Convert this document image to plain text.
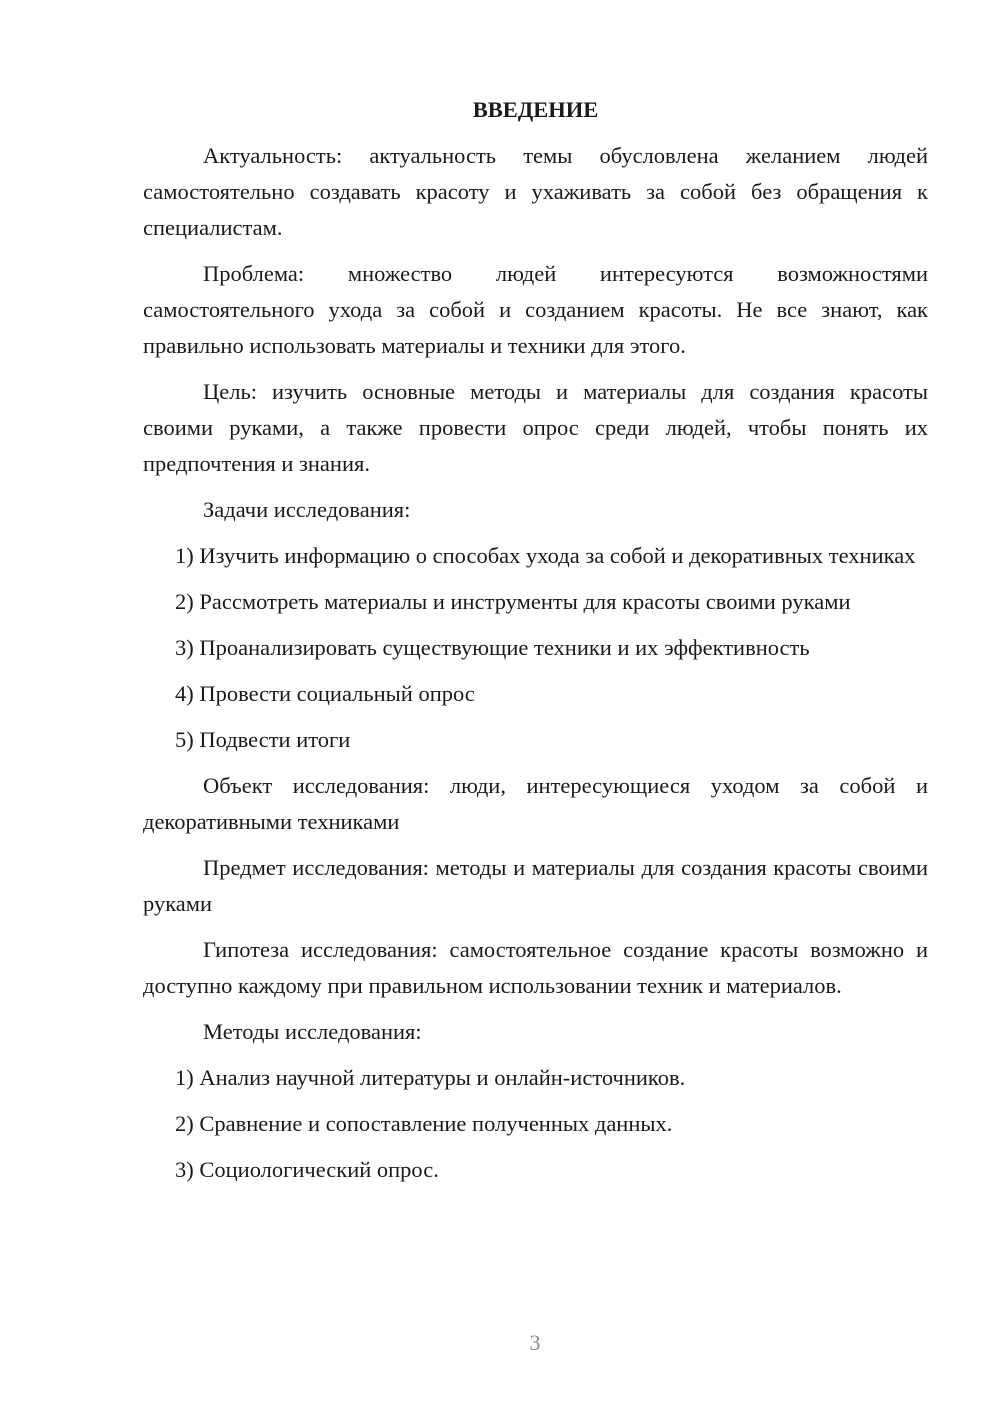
ВВЕДЕНИЕ

Актуальность: актуальность темы обусловлена желанием людей самостоятельно создавать красоту и ухаживать за собой без обращения к специалистам.

Проблема: множество людей интересуются возможностями самостоятельного ухода за собой и созданием красоты. Не все знают, как правильно использовать материалы и техники для этого.

Цель: изучить основные методы и материалы для создания красоты своими руками, а также провести опрос среди людей, чтобы понять их предпочтения и знания.

Задачи исследования:

1) Изучить информацию о способах ухода за собой и декоративных техниках

2) Рассмотреть материалы и инструменты для красоты своими руками

3) Проанализировать существующие техники и их эффективность

4) Провести социальный опрос

5) Подвести итоги

Объект исследования: люди, интересующиеся уходом за собой и декоративными техниками

Предмет исследования: методы и материалы для создания красоты своими руками

Гипотеза исследования: самостоятельное создание красоты возможно и доступно каждому при правильном использовании техник и материалов.

Методы исследования:

1) Анализ научной литературы и онлайн-источников.

2) Сравнение и сопоставление полученных данных.

3) Социологический опрос.

3
